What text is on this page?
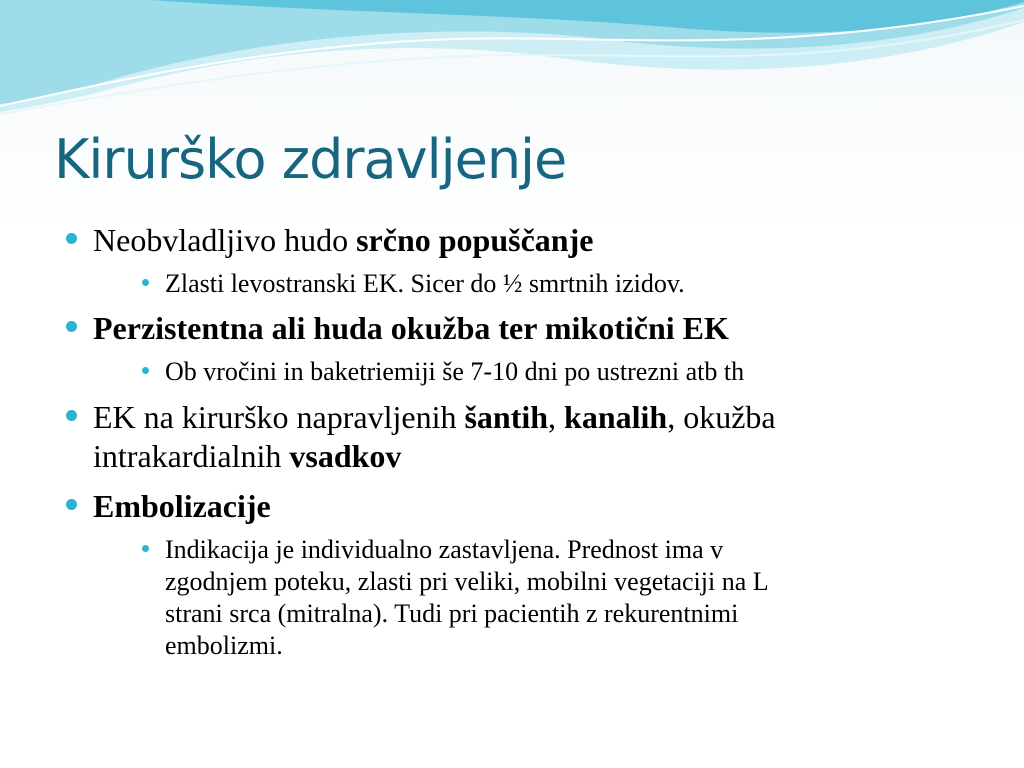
Kirurško zdravljenje
Neobvladljivo hudo srčno popuščanje
Zlasti levostranski EK. Sicer do ½ smrtnih izidov.
Perzistentna ali huda okužba ter mikotični EK
Ob vročini in baketriemiji še 7-10 dni po ustrezni atb th
EK na kirurško napravljenih šantih, kanalih, okužba
intrakardialnih vsadkov
Embolizacije
Indikacija je individualno zastavljena. Prednost ima v
zgodnjem poteku, zlasti pri veliki, mobilni vegetaciji na L
strani srca (mitralna). Tudi pri pacientih z rekurentnimi
embolizmi.
